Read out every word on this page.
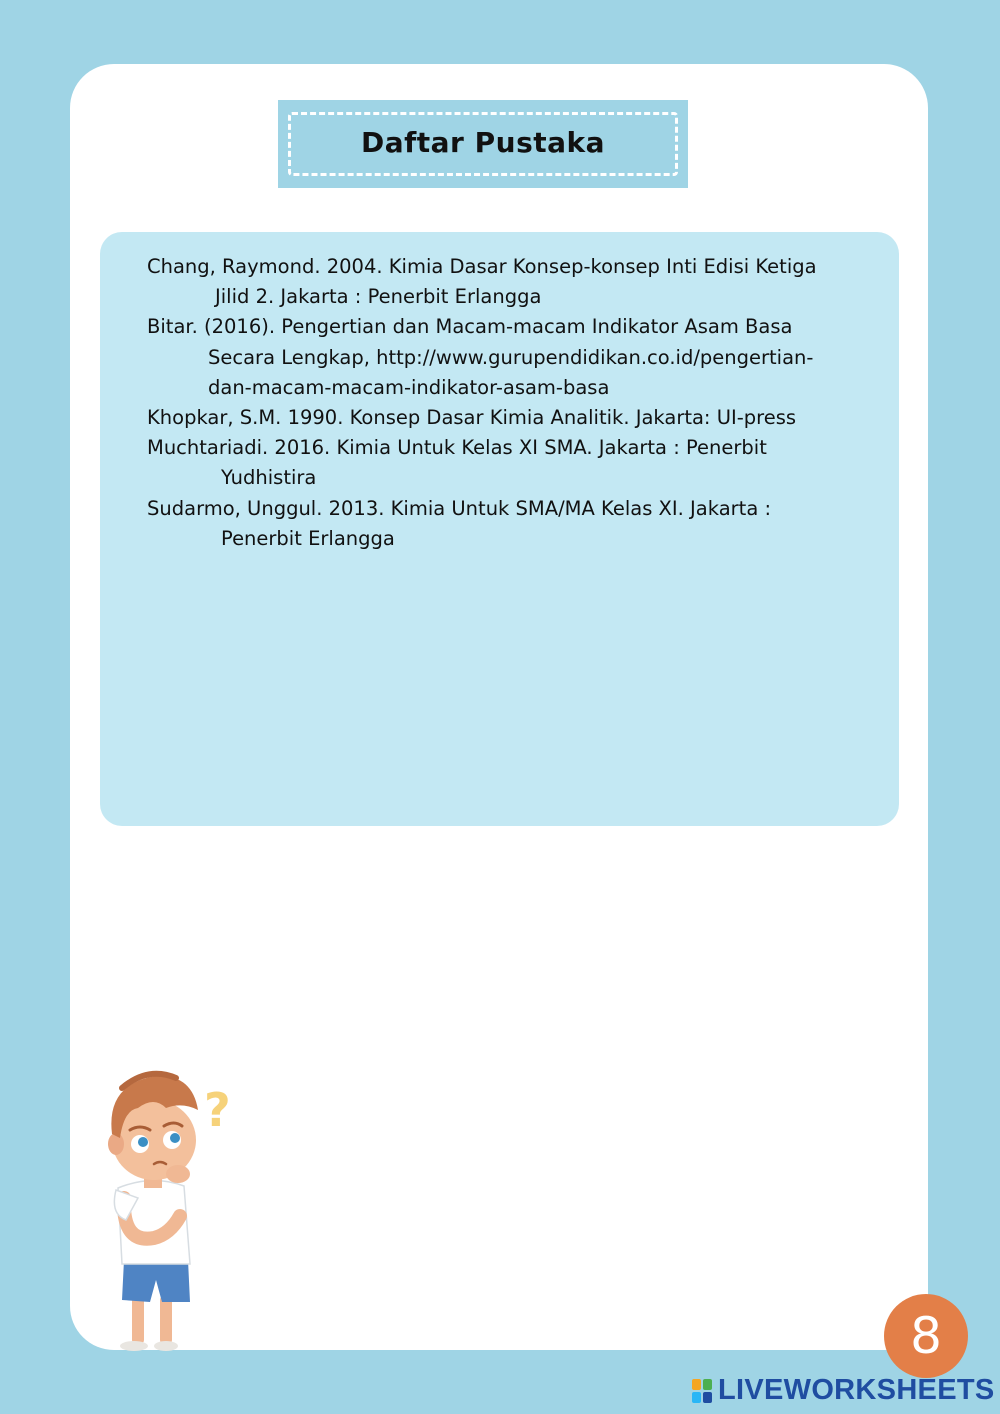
Daftar Pustaka
Chang, Raymond. 2004. Kimia Dasar Konsep-konsep Inti Edisi Ketiga
Jilid 2. Jakarta : Penerbit Erlangga
Bitar. (2016). Pengertian dan Macam-macam Indikator Asam Basa
Secara Lengkap, http://www.gurupendidikan.co.id/pengertian-
dan-macam-macam-indikator-asam-basa
Khopkar, S.M. 1990. Konsep Dasar Kimia Analitik. Jakarta: UI-press
Muchtariadi. 2016. Kimia Untuk Kelas XI SMA. Jakarta : Penerbit
Yudhistira
Sudarmo, Unggul. 2013. Kimia Untuk SMA/MA Kelas XI. Jakarta :
Penerbit Erlangga
?
8
LIVEWORKSHEETS
